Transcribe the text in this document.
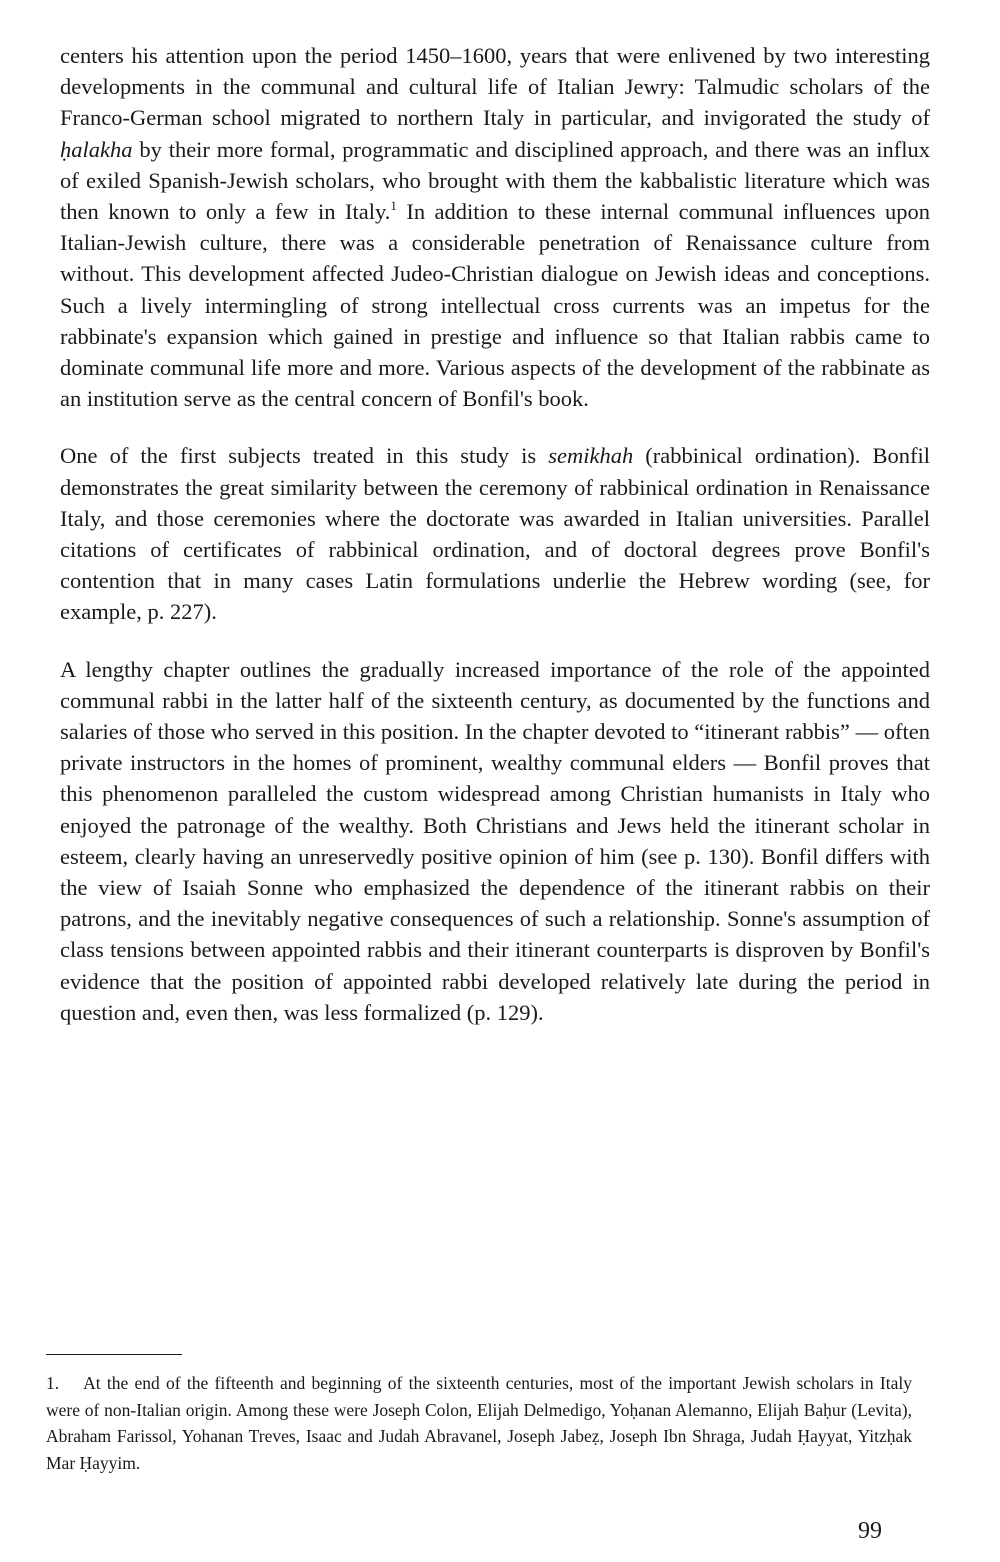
centers his attention upon the period 1450–1600, years that were enlivened by two interesting developments in the communal and cultural life of Italian Jewry: Talmudic scholars of the Franco-German school migrated to northern Italy in particular, and invigorated the study of ḥalakha by their more formal, programmatic and disciplined approach, and there was an influx of exiled Spanish-Jewish scholars, who brought with them the kabbalistic literature which was then known to only a few in Italy.$^1$ In addition to these internal communal influences upon Italian-Jewish culture, there was a considerable penetration of Renaissance culture from without. This development affected Judeo-Christian dialogue on Jewish ideas and conceptions. Such a lively intermingling of strong intellectual cross currents was an impetus for the rabbinate's expansion which gained in prestige and influence so that Italian rabbis came to dominate communal life more and more. Various aspects of the development of the rabbinate as an institution serve as the central concern of Bonfil's book.

One of the first subjects treated in this study is semikhah (rabbinical ordination). Bonfil demonstrates the great similarity between the ceremony of rabbinical ordination in Renaissance Italy, and those ceremonies where the doctorate was awarded in Italian universities. Parallel citations of certificates of rabbinical ordination, and of doctoral degrees prove Bonfil's contention that in many cases Latin formulations underlie the Hebrew wording (see, for example, p. 227).

A lengthy chapter outlines the gradually increased importance of the role of the appointed communal rabbi in the latter half of the sixteenth century, as documented by the functions and salaries of those who served in this position. In the chapter devoted to “itinerant rabbis” — often private instructors in the homes of prominent, wealthy communal elders — Bonfil proves that this phenomenon paralleled the custom widespread among Christian humanists in Italy who enjoyed the patronage of the wealthy. Both Christians and Jews held the itinerant scholar in esteem, clearly having an unreservedly positive opinion of him (see p. 130). Bonfil differs with the view of Isaiah Sonne who emphasized the dependence of the itinerant rabbis on their patrons, and the inevitably negative consequences of such a relationship. Sonne's assumption of class tensions between appointed rabbis and their itinerant counterparts is disproven by Bonfil's evidence that the position of appointed rabbi developed relatively late during the period in question and, even then, was less formalized (p. 129).

1. At the end of the fifteenth and beginning of the sixteenth centuries, most of the important Jewish scholars in Italy were of non-Italian origin. Among these were Joseph Colon, Elijah Delmedigo, Yoḥanan Alemanno, Elijah Baḥur (Levita), Abraham Farissol, Yohanan Treves, Isaac and Judah Abravanel, Joseph Jabeẓ, Joseph Ibn Shraga, Judah Ḥayyat, Yitzḥak Mar Ḥayyim.

99
